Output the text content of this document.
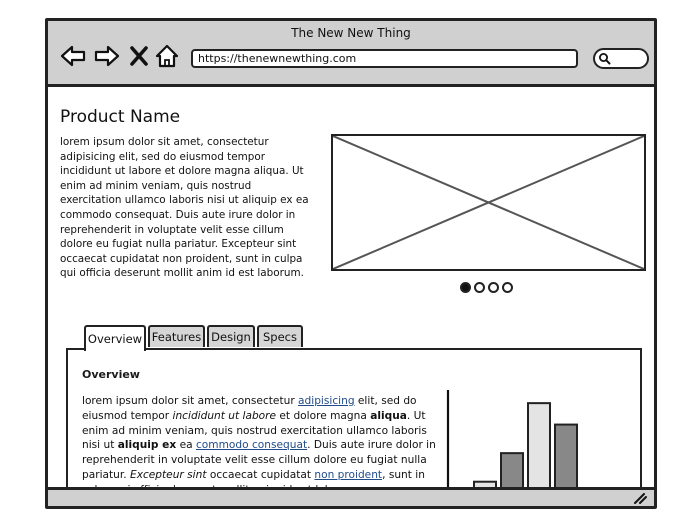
The New New Thing
https://thenewnewthing.com
Product Name
lorem ipsum dolor sit amet, consectetur adipisicing elit, sed do eiusmod tempor incididunt ut labore et dolore magna aliqua. Ut enim ad minim veniam, quis nostrud exercitation ullamco laboris nisi ut aliquip ex ea commodo consequat. Duis aute irure dolor in reprehenderit in voluptate velit esse cillum dolore eu fugiat nulla pariatur. Excepteur sint occaecat cupidatat non proident, sunt in culpa qui officia deserunt mollit anim id est laborum.
Overview Features Design	Specs
Overview
lorem ipsum dolor sit amet, consectetur adipisicing elit, sed do eiusmod tempor incididunt ut labore et dolore magna aliqua. Ut enim ad minim veniam, quis nostrud exercitation ullamco laboris nisi ut aliquip ex ea commodo consequat. Duis aute irure dolor in reprehenderit in voluptate velit esse cillum dolore eu fugiat nulla pariatur. Excepteur sint occaecat cupidatat non proident, sunt in
